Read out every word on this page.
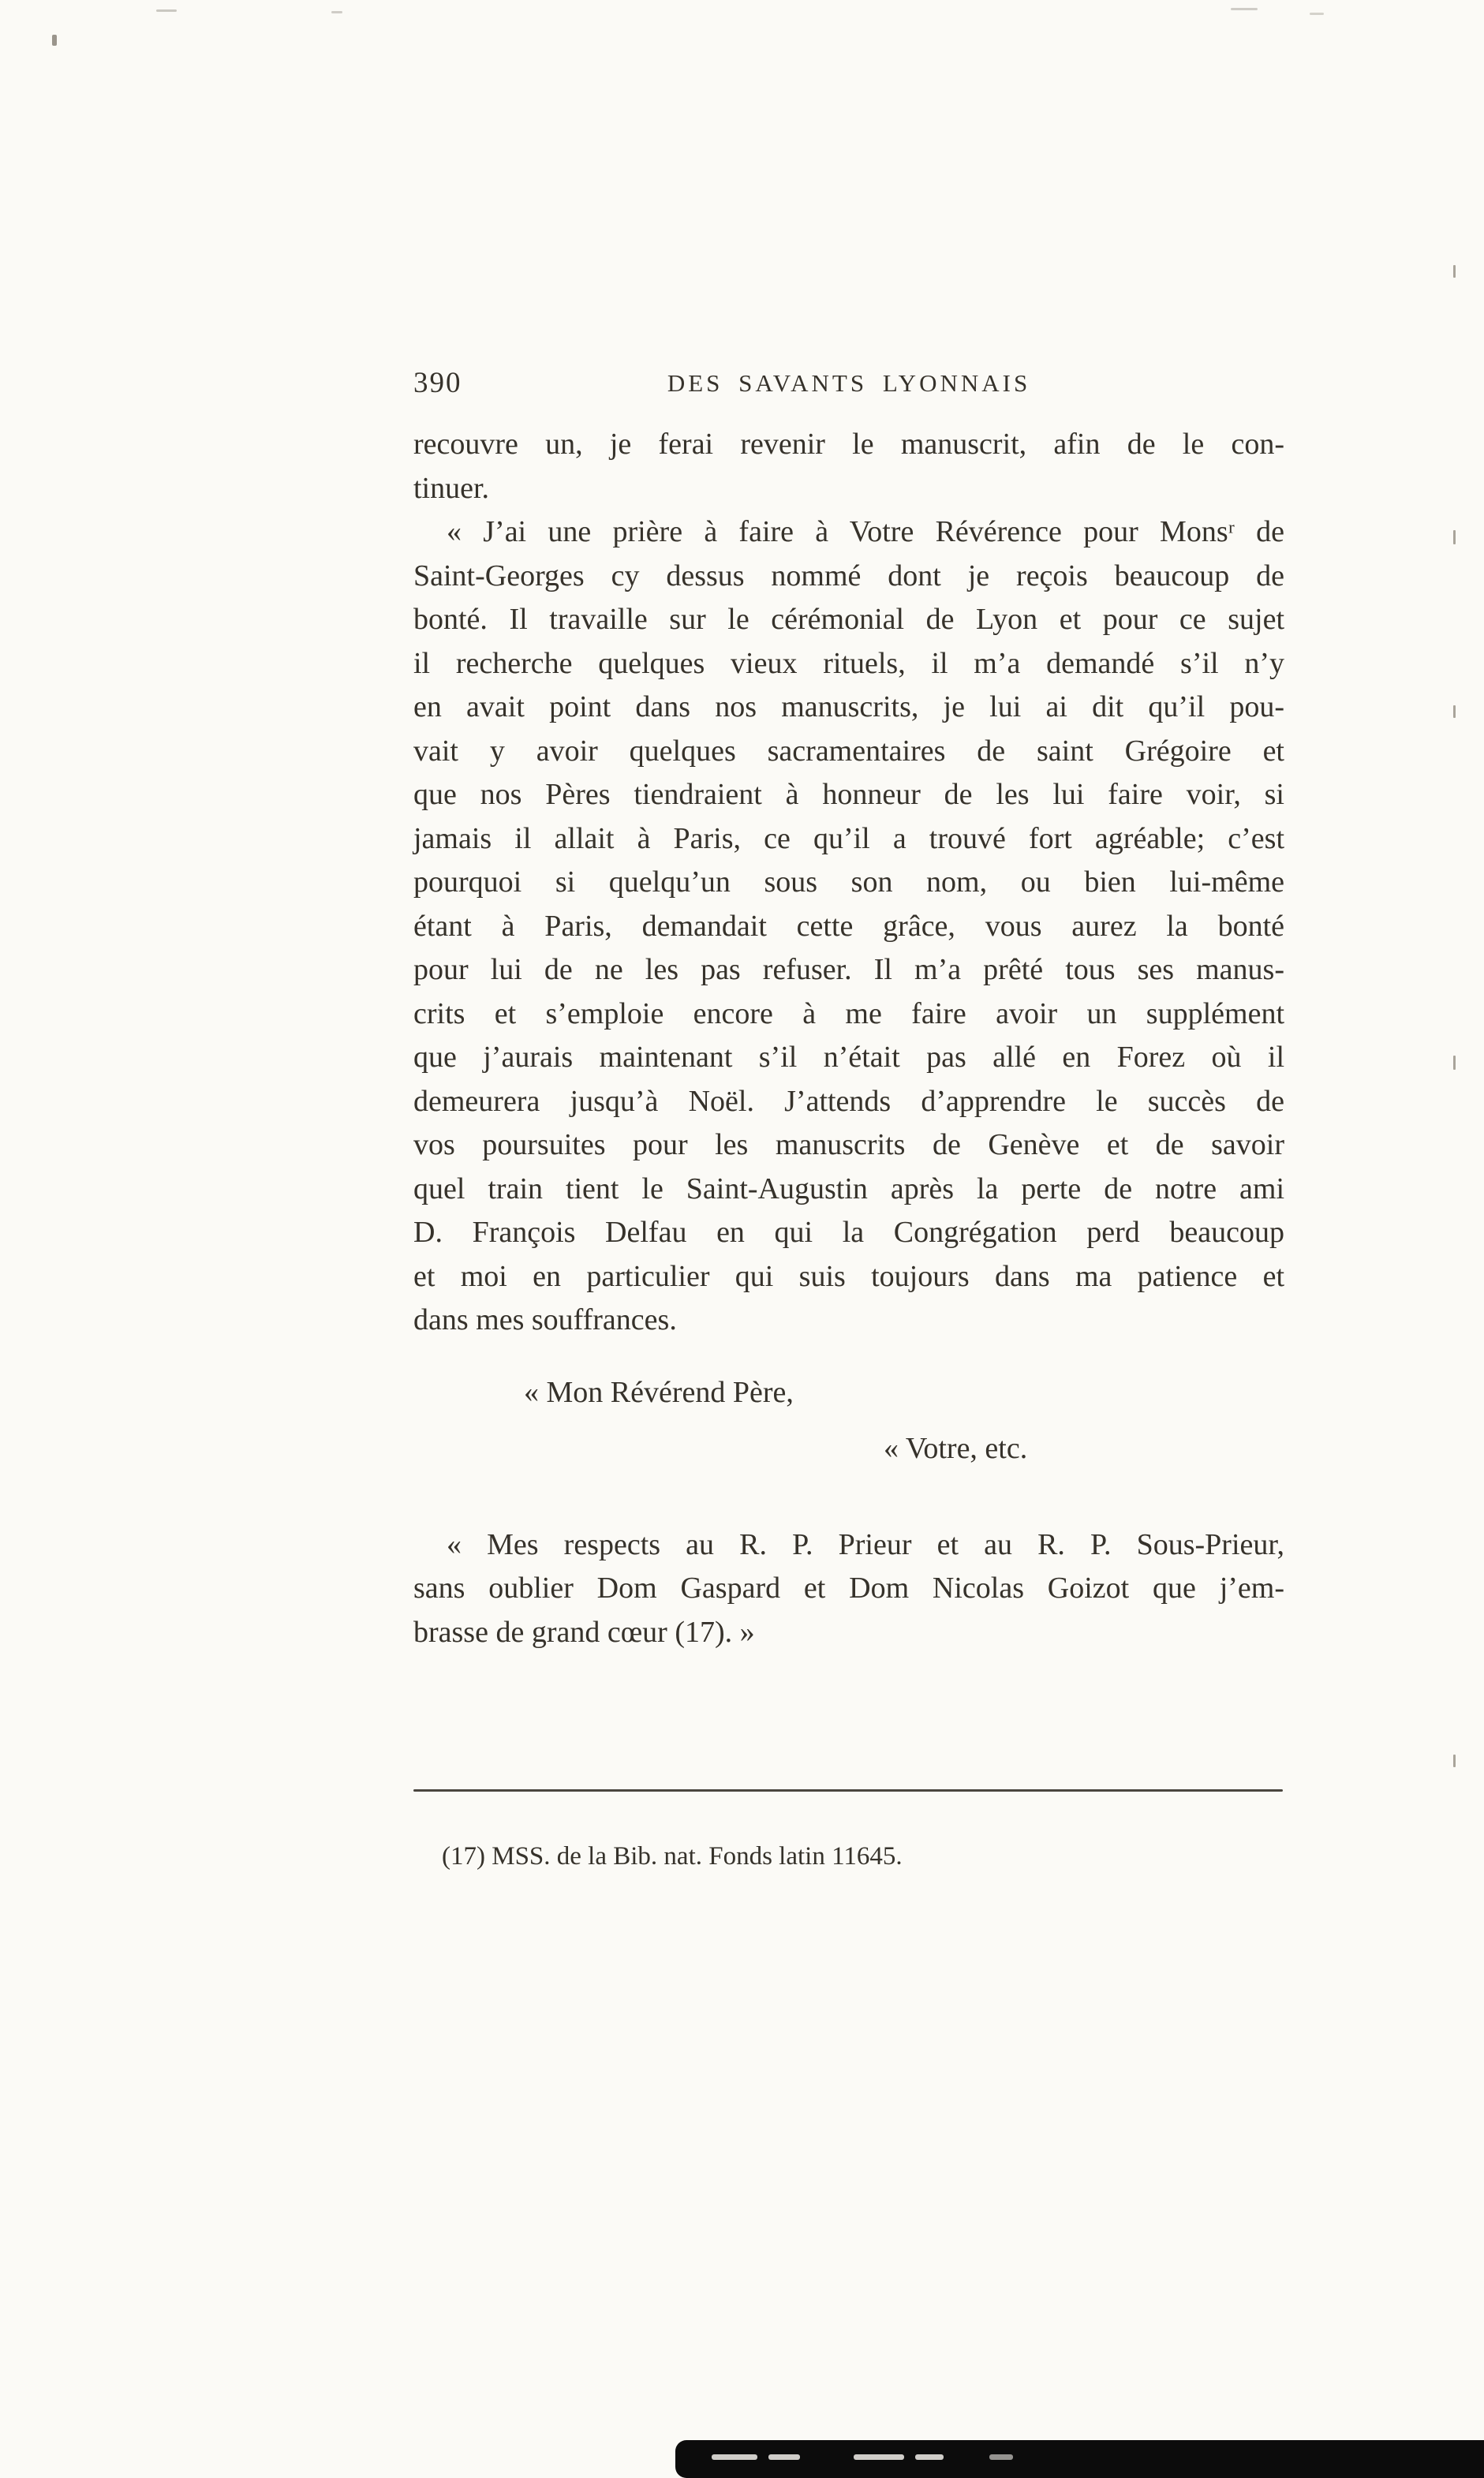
390	DES SAVANTS LYONNAIS
recouvre un, je ferai revenir le manuscrit, afin de le con-
tinuer.
« J’ai une prière à faire à Votre Révérence pour Monsʳ de
Saint-Georges cy dessus nommé dont je reçois beaucoup de
bonté. Il travaille sur le cérémonial de Lyon et pour ce sujet
il recherche quelques vieux rituels, il m’a demandé s’il n’y
en avait point dans nos manuscrits, je lui ai dit qu’il pou-
vait y avoir quelques sacramentaires de saint Grégoire et
que nos Pères tiendraient à honneur de les lui faire voir, si
jamais il allait à Paris, ce qu’il a trouvé fort agréable; c’est
pourquoi si quelqu’un sous son nom, ou bien lui-même
étant à Paris, demandait cette grâce, vous aurez la bonté
pour lui de ne les pas refuser. Il m’a prêté tous ses manus-
crits et s’emploie encore à me faire avoir un supplément
que j’aurais maintenant s’il n’était pas allé en Forez où il
demeurera jusqu’à Noël. J’attends d’apprendre le succès de
vos poursuites pour les manuscrits de Genève et de savoir
quel train tient le Saint-Augustin après la perte de notre ami
D. François Delfau en qui la Congrégation perd beaucoup
et moi en particulier qui suis toujours dans ma patience et
dans mes souffrances.
« Mon Révérend Père,
« Votre, etc.
« Mes respects au R. P. Prieur et au R. P. Sous-Prieur,
sans oublier Dom Gaspard et Dom Nicolas Goizot que j’em-
brasse de grand cœur (17). »
(17) MSS. de la Bib. nat. Fonds latin 11645.
